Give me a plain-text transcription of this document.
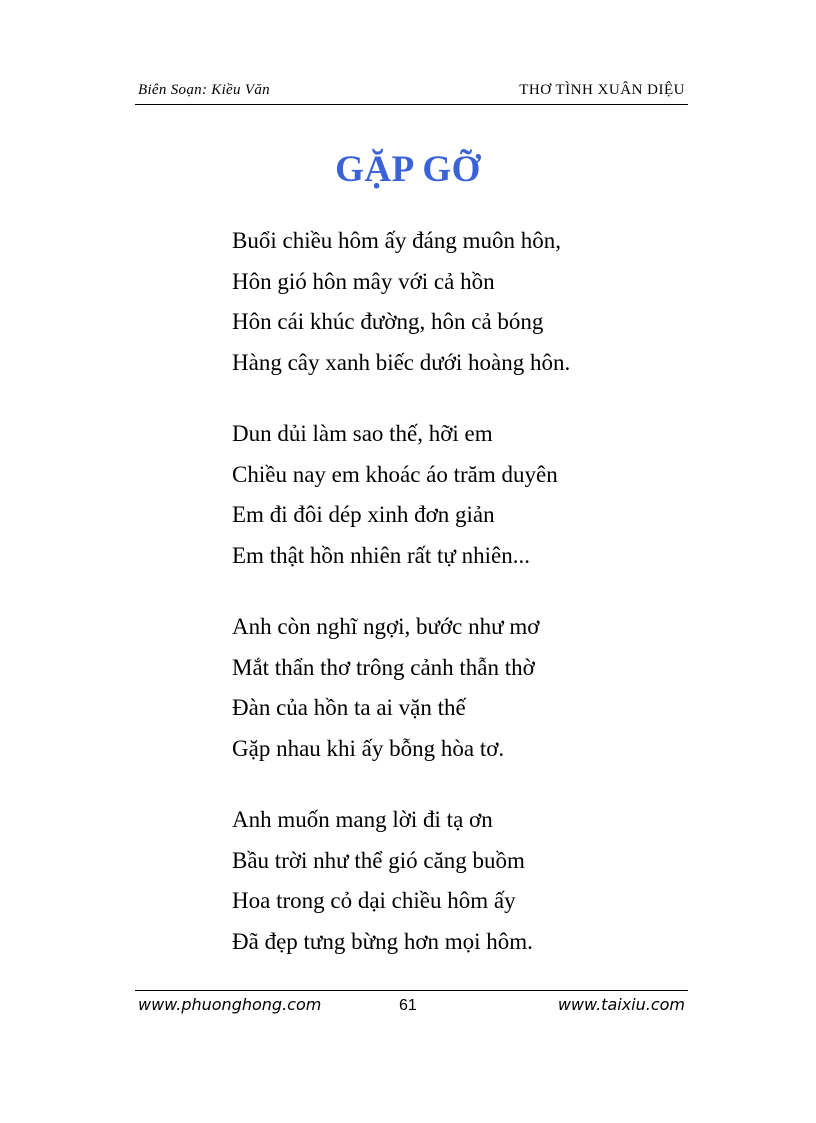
Biên Soạn: Kiều Văn	THƠ TÌNH XUÂN DIỆU
GẶP GỠ
Buổi chiều hôm ấy đáng muôn hôn,
Hôn gió hôn mây với cả hồn
Hôn cái khúc đường, hôn cả bóng
Hàng cây xanh biếc dưới hoàng hôn.
Dun dủi làm sao thế, hỡi em
Chiều nay em khoác áo trăm duyên
Em đi đôi dép xinh đơn giản
Em thật hồn nhiên rất tự nhiên...
Anh còn nghĩ ngợi, bước như mơ
Mắt thẩn thơ trông cảnh thẫn thờ
Đàn của hồn ta ai vặn thế
Gặp nhau khi ấy bỗng hòa tơ.
Anh muốn mang lời đi tạ ơn
Bầu trời như thể gió căng buồm
Hoa trong cỏ dại chiều hôm ấy
Đã đẹp tưng bừng hơn mọi hôm.
www.phuonghong.com	61	www.taixiu.com
